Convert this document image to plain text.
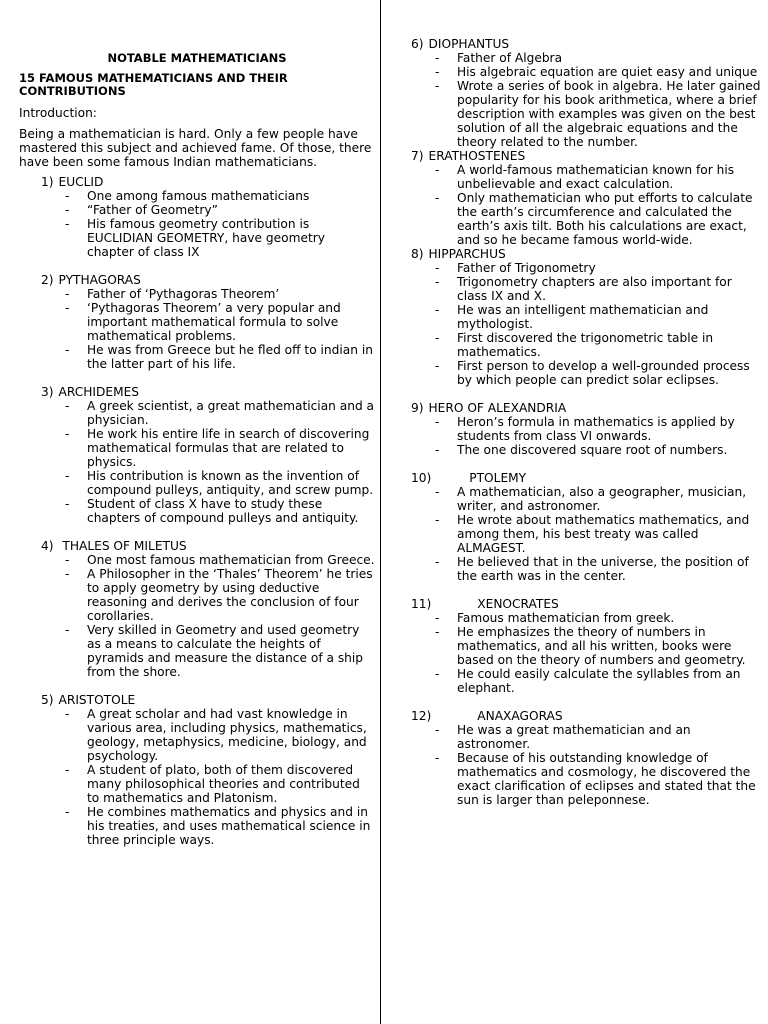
NOTABLE MATHEMATICIANS
15 FAMOUS MATHEMATICIANS AND THEIR CONTRIBUTIONS
Introduction:
Being a mathematician is hard. Only a few people have mastered this subject and achieved fame. Of those, there have been some famous Indian mathematicians.
1) EUCLID
- One among famous mathematicians
- “Father of Geometry”
- His famous geometry contribution is EUCLIDIAN GEOMETRY, have geometry chapter of class IX
2) PYTHAGORAS
- Father of ‘Pythagoras Theorem’
- ‘Pythagoras Theorem’ a very popular and important mathematical formula to solve mathematical problems.
- He was from Greece but he fled off to indian in the latter part of his life.
3) ARCHIDEMES
- A greek scientist, a great mathematician and a physician.
- He work his entire life in search of discovering mathematical formulas that are related to physics.
- His contribution is known as the invention of compound pulleys, antiquity, and screw pump.
- Student of class X have to study these chapters of compound pulleys and antiquity.
4) THALES OF MILETUS
- One most famous mathematician from Greece.
- A Philosopher in the ‘Thales’ Theorem’ he tries to apply geometry by using deductive reasoning and derives the conclusion of four corollaries.
- Very skilled in Geometry and used geometry as a means to calculate the heights of pyramids and measure the distance of a ship from the shore.
5) ARISTOTOLE
- A great scholar and had vast knowledge in various area, including physics, mathematics, geology, metaphysics, medicine, biology, and psychology.
- A student of plato, both of them discovered many philosophical theories and contributed to mathematics and Platonism.
- He combines mathematics and physics and in his treaties, and uses mathematical science in three principle ways.
6) DIOPHANTUS
- Father of Algebra
- His algebraic equation are quiet easy and unique
- Wrote a series of book in algebra. He later gained popularity for his book arithmetica, where a brief description with examples was given on the best solution of all the algebraic equations and the theory related to the number.
7) ERATHOSTENES
- A world-famous mathematician known for his unbelievable and exact calculation.
- Only mathematician who put efforts to calculate the earth’s circumference and calculated the earth’s axis tilt. Both his calculations are exact, and so he became famous world-wide.
8) HIPPARCHUS
- Father of Trigonometry
- Trigonometry chapters are also important for class IX and X.
- He was an intelligent mathematician and mythologist.
- First discovered the trigonometric table in mathematics.
- First person to develop a well-grounded process by which people can predict solar eclipses.
9) HERO OF ALEXANDRIA
- Heron’s formula in mathematics is applied by students from class VI onwards.
- The one discovered square root of numbers.
10)	PTOLEMY
- A mathematician, also a geographer, musician, writer, and astronomer.
- He wrote about mathematics mathematics, and among them, his best treaty was called ALMAGEST.
- He believed that in the universe, the position of the earth was in the center.
11)	XENOCRATES
- Famous mathematician from greek.
- He emphasizes the theory of numbers in mathematics, and all his written, books were based on the theory of numbers and geometry.
- He could easily calculate the syllables from an elephant.
12)	ANAXAGORAS
- He was a great mathematician and an astronomer.
- Because of his outstanding knowledge of mathematics and cosmology, he discovered the exact clarification of eclipses and stated that the sun is larger than peleponnese.
